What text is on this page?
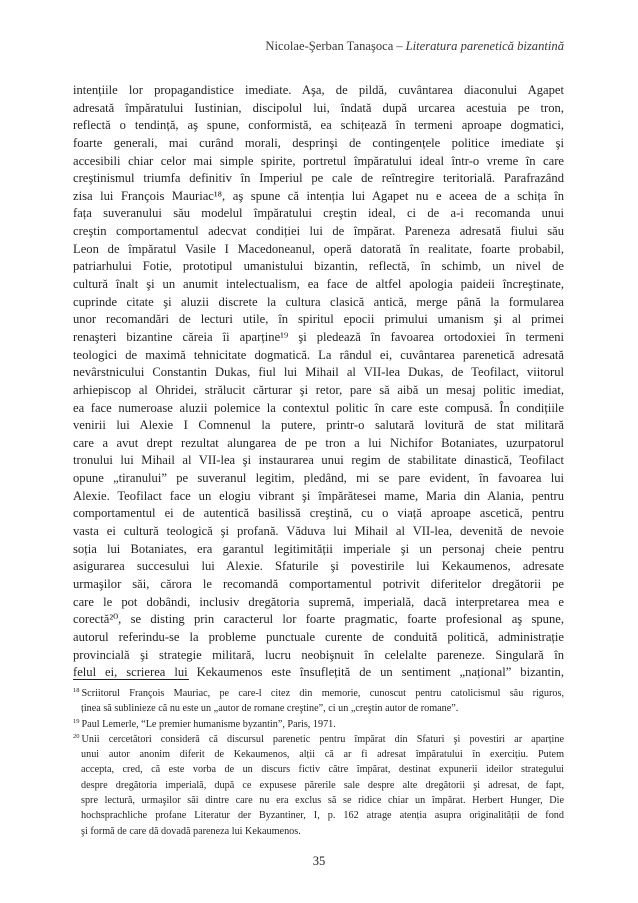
Nicolae-Şerban Tanaşoca – Literatura parenetică bizantină
intențiile lor propagandistice imediate. Aşa, de pildă, cuvântarea diaconului Agapet
adresată împăratului Iustinian, discipolul lui, îndată după urcarea acestuia pe tron,
reflectă o tendință, aş spune, conformistă, ea schițează în termeni aproape dogmatici,
foarte generali, mai curând morali, desprinşi de contingențele politice imediate şi
accesibili chiar celor mai simple spirite, portretul împăratului ideal într-o vreme în care
creştinismul triumfa definitiv în Imperiul pe cale de reîntregire teritorială. Parafrazând
zisa lui François Mauriac¹⁸, aş spune că intenția lui Agapet nu e aceea de a schița în
fața suveranului său modelul împăratului creştin ideal, ci de a-i recomanda unui
creştin comportamentul adecvat condiției lui de împărat. Pareneza adresată fiului său
Leon de împăratul Vasile I Macedoneanul, operă datorată în realitate, foarte probabil,
patriarhului Fotie, prototipul umanistului bizantin, reflectă, în schimb, un nivel de
cultură înalt şi un anumit intelectualism, ea face de altfel apologia paideii încreştinate,
cuprinde citate şi aluzii discrete la cultura clasică antică, merge până la formularea
unor recomandări de lecturi utile, în spiritul epocii primului umanism şi al primei
renaşteri bizantine căreia îi aparține¹⁹ şi pledează în favoarea ortodoxiei în termeni
teologici de maximă tehnicitate dogmatică. La rândul ei, cuvântarea parenetică adresată
nevârstnicului Constantin Dukas, fiul lui Mihail al VII-lea Dukas, de Teofilact, viitorul
arhiepiscop al Ohridei, strălucit cărturar şi retor, pare să aibă un mesaj politic imediat,
ea face numeroase aluzii polemice la contextul politic în care este compusă. În condițiile
venirii lui Alexie I Comnenul la putere, printr-o salutară lovitură de stat militară
care a avut drept rezultat alungarea de pe tron a lui Nichifor Botaniates, uzurpatorul
tronului lui Mihail al VII-lea şi instaurarea unui regim de stabilitate dinastică, Teofilact
opune „tiranului” pe suveranul legitim, pledând, mi se pare evident, în favoarea lui
Alexie. Teofilact face un elogiu vibrant şi împărătesei mame, Maria din Alania, pentru
comportamentul ei de autentică basilissă creştină, cu o viață aproape ascetică, pentru
vasta ei cultură teologică şi profană. Văduva lui Mihail al VII-lea, devenită de nevoie
soția lui Botaniates, era garantul legitimității imperiale şi un personaj cheie pentru
asigurarea succesului lui Alexie. Sfaturile şi povestirile lui Kekaumenos, adresate
urmaşilor săi, cărora le recomandă comportamentul potrivit diferitelor dregătorii pe
care le pot dobândi, inclusiv dregătoria supremă, imperială, dacă interpretarea mea e
corectă²⁰, se disting prin caracterul lor foarte pragmatic, foarte profesional aş spune,
autorul referindu-se la probleme punctuale curente de conduită politică, administrație
provincială şi strategie militară, lucru neobişnuit în celelalte pareneze. Singulară în
felul ei, scrierea lui Kekaumenos este însuflețită de un sentiment „național” bizantin,
$^{18}$ Scriitorul François Mauriac, pe care-l citez din memorie, cunoscut pentru catolicismul său riguros,
ținea să sublinieze că nu este un „autor de romane creştine”, ci un „creştin autor de romane”.
$^{19}$ Paul Lemerle, “Le premier humanisme byzantin”, Paris, 1971.
$^{20}$ Unii cercetători consideră că discursul parenetic pentru împărat din Sfaturi şi povestiri ar aparține
unui autor anonim diferit de Kekaumenos, alții că ar fi adresat împăratului în exercițiu. Putem
accepta, cred, că este vorba de un discurs fictiv către împărat, destinat expunerii ideilor strategului
despre dregătoria imperială, după ce expusese părerile sale despre alte dregătorii şi adresat, de fapt,
spre lectură, urmaşilor săi dintre care nu era exclus să se ridice chiar un împărat. Herbert Hunger, Die
hochsprachliche profane Literatur der Byzantiner, I, p. 162 atrage atenția asupra originalității de fond
şi formă de care dă dovadă pareneza lui Kekaumenos.
35
